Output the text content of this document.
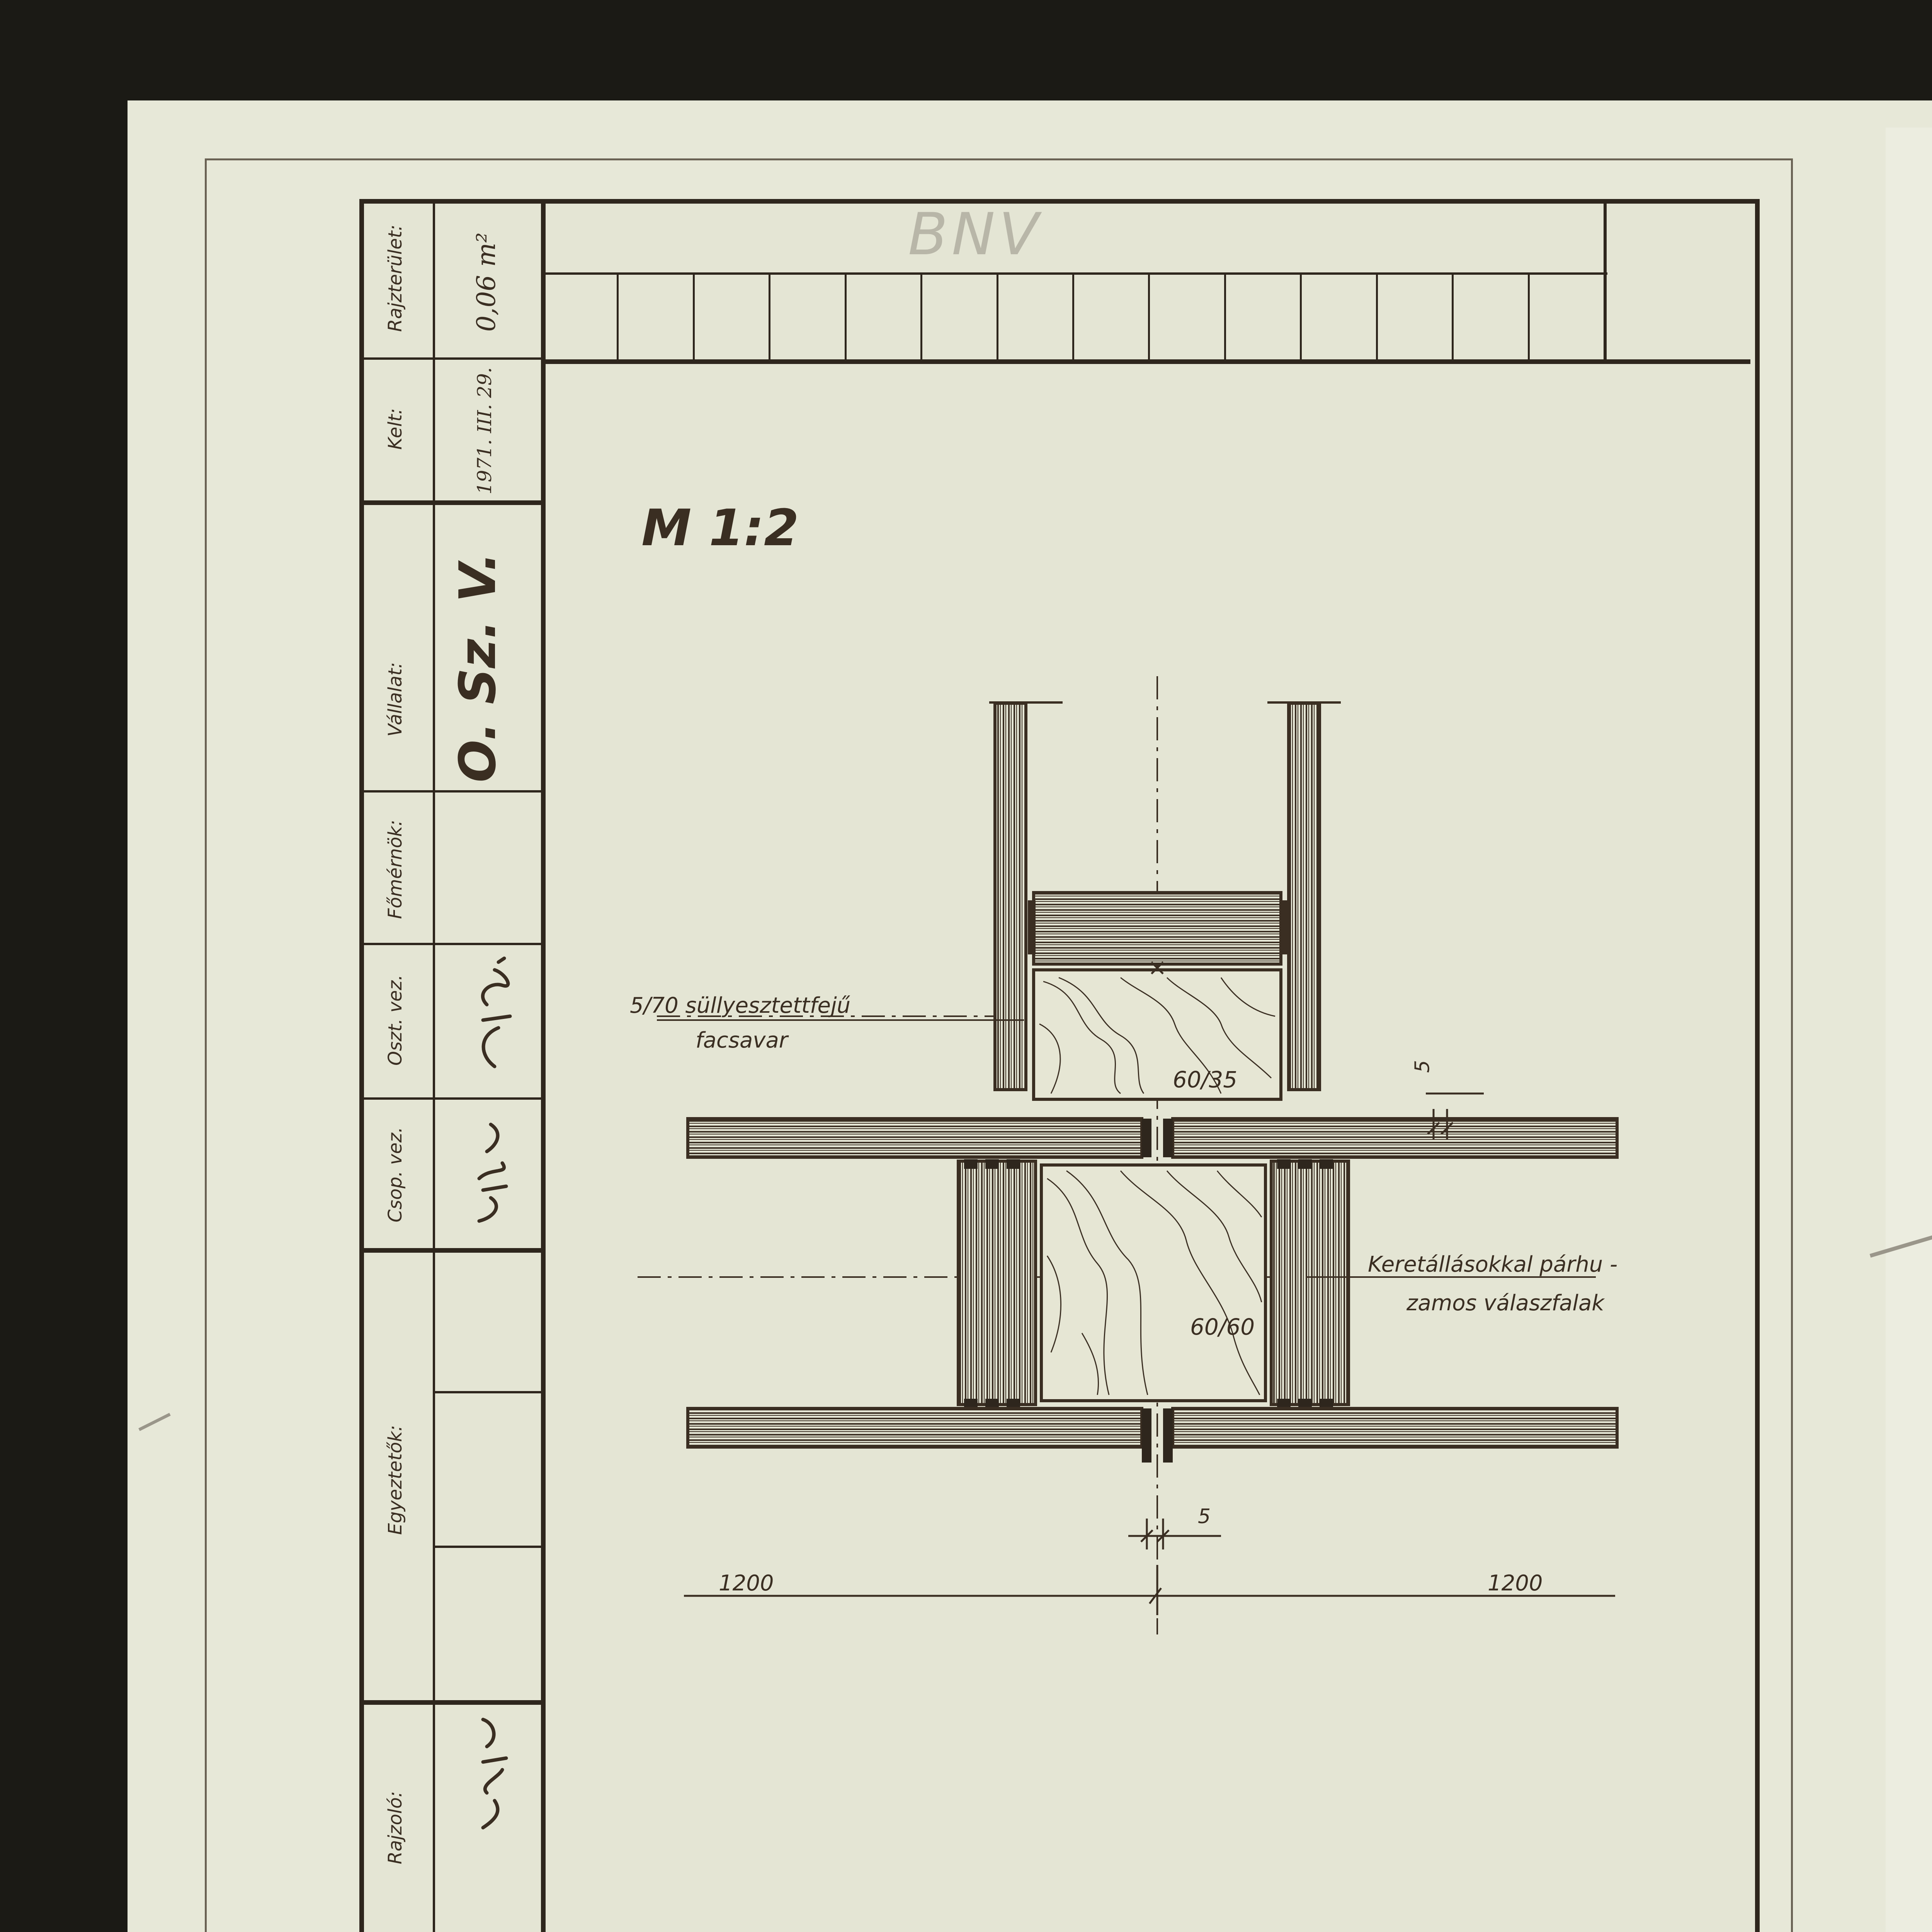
Rajzterület:	0,06 m²
Kelt:	1971. III. 29.
Vállalat: O. Sz. V.
Főmérnök:
Oszt. vez.
Csop. vez.
Egyeztetők:
Rajzoló:
M 1:2
BNV
5/70 süllyesztettfejű
facsavar
60/35
60/60
Keretállásokkal párhu -
zamos válaszfalak
5
5
1200	1200
